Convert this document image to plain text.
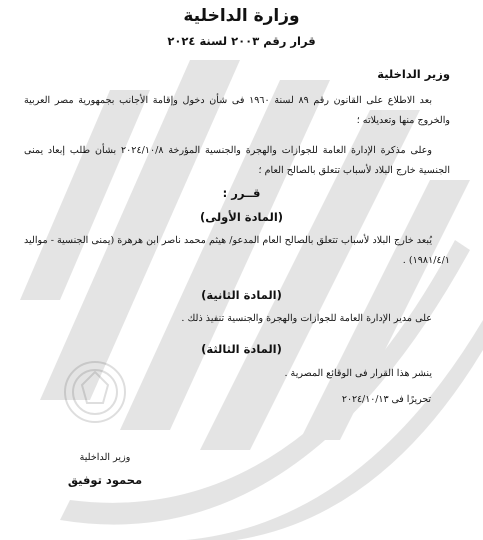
وزارة الداخلية
قرار رقم ٢٠٠٣ لسنة ٢٠٢٤
وزير الداخلية
بعد الاطلاع على القانون رقم ٨٩ لسنة ١٩٦٠ فى شأن دخول وإقامة الأجانب بجمهورية مصر العربية والخروج منها وتعديلاته ؛
وعلى مذكرة الإدارة العامة للجوازات والهجرة والجنسية المؤرخة ٢٠٢٤/١٠/٨ بشأن طلب إبعاد يمنى الجنسية خارج البلاد لأسباب تتعلق بالصالح العام ؛
قــرر :
(المادة الأولى)
يُبعد خارج البلاد لأسباب تتعلق بالصالح العام المدعو/ هيثم محمد ناصر ابن هرهرة (يمنى الجنسية - مواليد ١٩٨١/٤/١) .
(المادة الثانية)
على مدير الإدارة العامة للجوازات والهجرة والجنسية تنفيذ ذلك .
(المادة الثالثة)
ينشر هذا القرار فى الوقائع المصرية .
تحريرًا فى ٢٠٢٤/١٠/١٣
وزير الداخلية
محمود توفيق
